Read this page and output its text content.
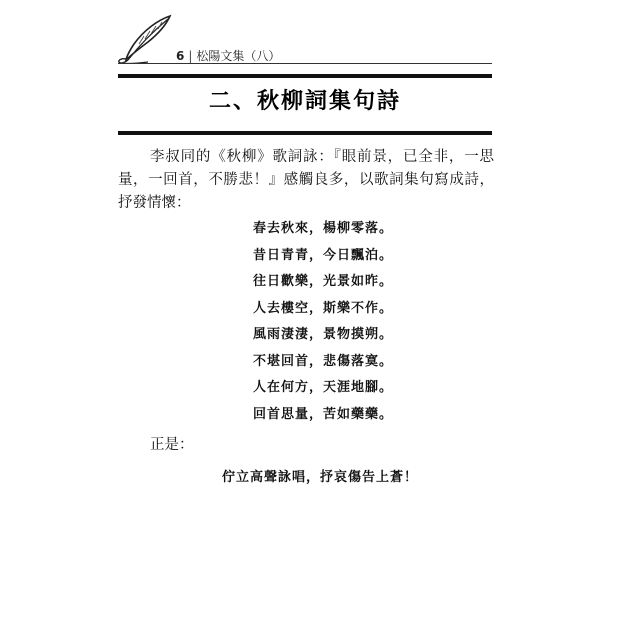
6 | 松陽文集（八）
二、秋柳詞集句詩
李叔同的《秋柳》歌詞詠：『眼前景，已全非，一思量，一回首，不勝悲！』感觸良多，以歌詞集句寫成詩，抒發情懷：
春去秋來，楊柳零落。
昔日青青，今日飄泊。
往日歡樂，光景如昨。
人去樓空，斯樂不作。
風雨淒淒，景物摸朔。
不堪回首，悲傷落寞。
人在何方，天涯地腳。
回首思量，苦如藥藥。
正是：
佇立高聲詠唱，抒哀傷告上蒼！
